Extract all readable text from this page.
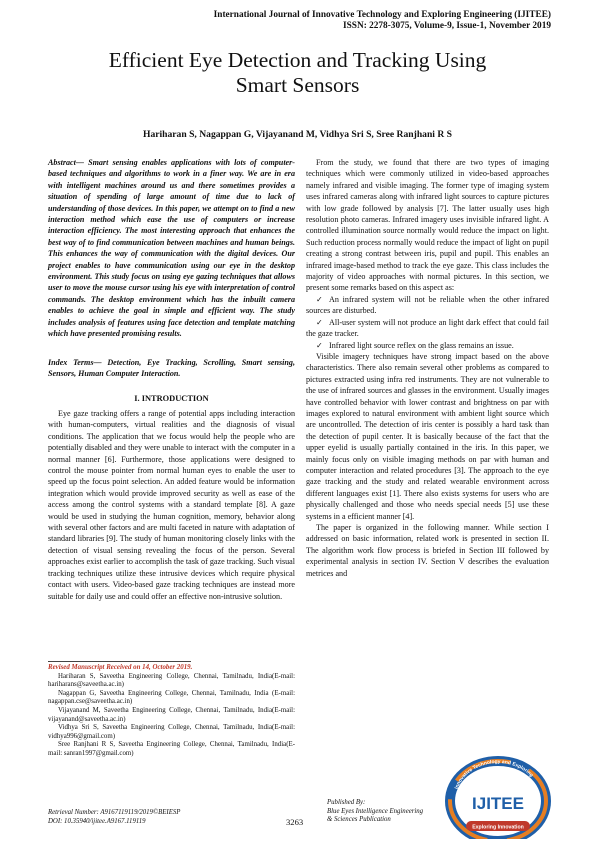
International Journal of Innovative Technology and Exploring Engineering (IJITEE)
ISSN: 2278-3075, Volume-9, Issue-1, November 2019
Efficient Eye Detection and Tracking Using
Smart Sensors
Hariharan S, Nagappan G, Vijayanand M, Vidhya Sri S, Sree Ranjhani R S
Abstract— Smart sensing enables applications with lots of computer-based techniques and algorithms to work in a finer way. We are in era with intelligent machines around us and there sometimes provides a situation of spending of large amount of time due to lack of understanding of those devices. In this paper, we attempt on to find a new interaction method which ease the use of computers or increase interaction efficiency. The most interesting approach that enhances the best way of to find communication between machines and human beings. This enhances the way of communication with the digital devices. Our project enables to have communication using our eye in the desktop environment. This study focus on using eye gazing techniques that allows user to move the mouse cursor using his eye with interpretation of control commands. The desktop environment which has the inbuilt camera enables to achieve the goal in simple and efficient way. The study includes analysis of features using face detection and template matching which have presented promising results.
Index Terms— Detection, Eye Tracking, Scrolling, Smart sensing, Sensors, Human Computer Interaction.
I. INTRODUCTION

Eye gaze tracking offers a range of potential apps including interaction with human-computers, virtual realities and the diagnosis of visual conditions. The application that we focus would help the people who are potentially disabled and they were unable to interact with the computer in a normal manner [6]. Furthermore, those applications were designed to control the mouse pointer from normal human eyes to enable the user to speed up the focus point selection. An added feature would be information integration which would provide improved security as well as ease of the access among the control systems with a standard template [8]. A gaze would be used in studying the human cognition, memory, behavior along with several other factors and are multi faceted in nature with adaptation of standard libraries [9]. The study of human monitoring closely links with the detection of visual sensing revealing the focus of the person. Several approaches exist earlier to accomplish the task of gaze tracking. Such visual tracking techniques utilize these intrusive devices which require physical contact with users. Video-based gaze tracking techniques are instead more suitable for daily use and could offer an effective non-intrusive solution.

Revised Manuscript Received on 14, October 2019.

Hariharan S, Saveetha Engineering College, Chennai, Tamilnadu, India(E-mail: hariharans@saveetha.ac.in)

Nagappan G, Saveetha Engineering College, Chennai, Tamilnadu, India (E-mail: nagappan.cse@saveetha.ac.in)

Vijayanand M, Saveetha Engineering College, Chennai, Tamilnadu, India(E-mail: vijayanand@saveetha.ac.in)

Vidhya Sri S, Saveetha Engineering College, Chennai, Tamilnadu, India(E-mail: vidhya996@gmail.com)

Sree Ranjhani R S, Saveetha Engineering College, Chennai, Tamilnadu, India(E-mail: sanran1997@gmail.com)

From the study, we found that there are two types of imaging techniques which were commonly utilized in video-based approaches namely infrared and visible imaging. The former type of imaging system uses infrared cameras along with infrared light sources to capture pictures with low grade followed by analysis [7]. The latter usually uses high resolution photo cameras. Infrared imagery uses invisible infrared light. A controlled illumination source normally would reduce the impact on light. Such reduction process normally would reduce the impact of light on pupil creating a strong contrast between iris, pupil and pupil. This enables an infrared image-based method to track the eye gaze. This class includes the majority of video approaches with normal pictures. In this section, we present some remarks based on this aspect as:

✓ An infrared system will not be reliable when the other infrared sources are disturbed.

✓ All-user system will not produce an light dark effect that could fail the gaze tracker.

✓ Infrared light source reflex on the glass remains an issue.

Visible imagery techniques have strong impact based on the above characteristics. There also remain several other problems as compared to pictures extracted using infra red instruments. They are not vulnerable to the use of infrared sources and glasses in the environment. Usually images have controlled behavior with lower contrast and brightness on par with images explored to natural environment with ambient light source which are uncontrolled. The detection of iris center is possibly a hard task than the detection of pupil center. It is basically because of the fact that the upper eyelid is usually partially contained in the iris. In this paper, we mainly focus only on visible imaging methods on par with human and computer interaction and related procedures [3]. The approach to the eye gaze tracking and the study and related wearable environment across different languages exist [1]. There also exists systems for users who are physically challenged and those who needs special needs [5] use these systems in a efficient manner [4].

The paper is organized in the following manner. While section I addressed on basic information, related work is presented in section II. The algorithm work flow process is briefed in Section III followed by experimental analysis in section IV. Section V describes the evaluation metrices and

Retrieval Number: A9167119119/2019©BEIESP
DOI: 10.35940/ijitee.A9167.119119	3263
Published By:
Blue Eyes Intelligence Engineering
& Sciences Publication
Innovative Technology and Exploring
IJITEE
Exploring Innovation
